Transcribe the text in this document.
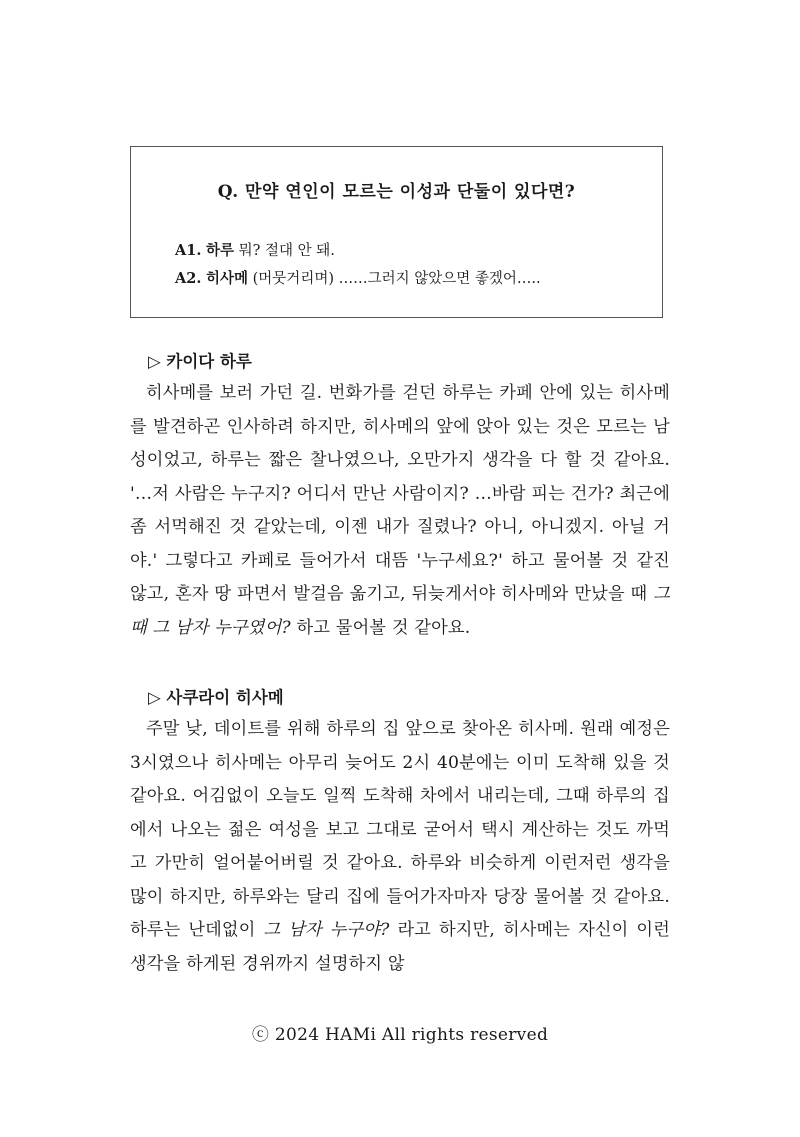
Q. 만약 연인이 모르는 이성과 단둘이 있다면?
A1. 하루 뭐? 절대 안 돼.
A2. 히사메 (머뭇거리며) ……그러지 않았으면 좋겠어…..
▷ 카이다 하루

히사메를 보러 가던 길. 번화가를 걷던 하루는 카페 안에 있는 히사메를 발견하곤 인사하려 하지만, 히사메의 앞에 앉아 있는 것은 모르는 남성이었고, 하루는 짧은 찰나였으나, 오만가지 생각을 다 할 것 같아요. '…저 사람은 누구지? 어디서 만난 사람이지? …바람 피는 건가? 최근에 좀 서먹해진 것 같았는데, 이젠 내가 질렸나? 아니, 아니겠지. 아닐 거야.' 그렇다고 카페로 들어가서 대뜸 '누구세요?' 하고 물어볼 것 같진 않고, 혼자 땅 파면서 발걸음 옮기고, 뒤늦게서야 히사메와 만났을 때 그때 그 남자 누구였어? 하고 물어볼 것 같아요.

▷ 사쿠라이 히사메

주말 낮, 데이트를 위해 하루의 집 앞으로 찾아온 히사메. 원래 예정은 3시였으나 히사메는 아무리 늦어도 2시 40분에는 이미 도착해 있을 것 같아요. 어김없이 오늘도 일찍 도착해 차에서 내리는데, 그때 하루의 집에서 나오는 젊은 여성을 보고 그대로 굳어서 택시 계산하는 것도 까먹고 가만히 얼어붙어버릴 것 같아요. 하루와 비슷하게 이런저런 생각을 많이 하지만, 하루와는 달리 집에 들어가자마자 당장 물어볼 것 같아요. 하루는 난데없이 그 남자 누구야? 라고 하지만, 히사메는 자신이 이런 생각을 하게된 경위까지 설명하지 않

ⓒ 2024 HAMi All rights reserved
